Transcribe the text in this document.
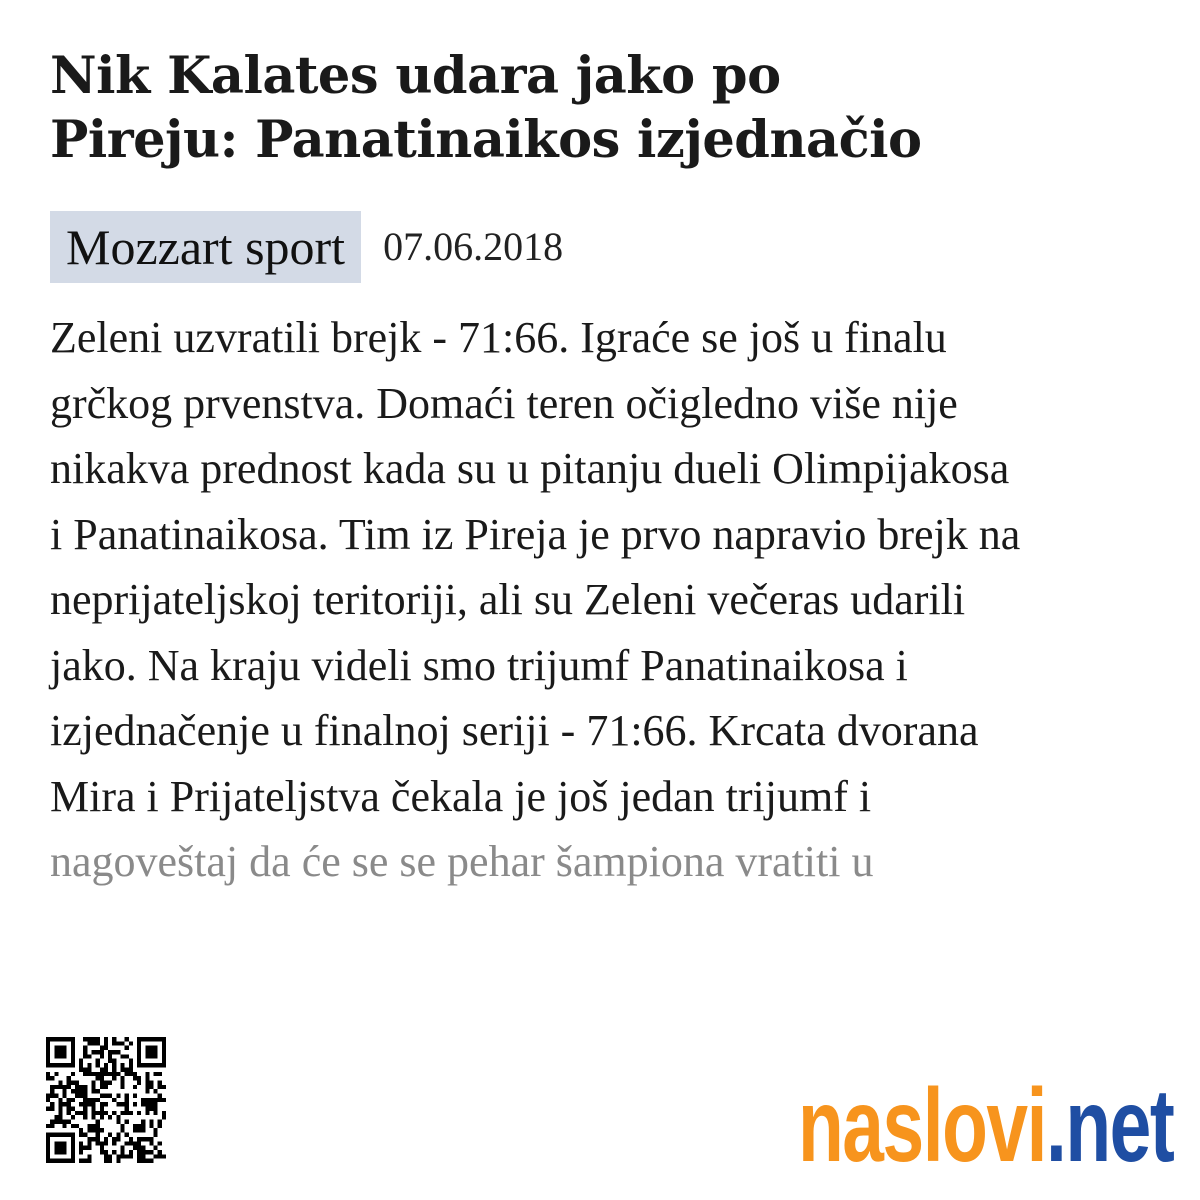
Nik Kalates udara jako po
Pireju: Panatinaikos izjednačio
Mozzart sport 07.06.2018
Zeleni uzvratili brejk - 71:66. Igraće se još u finalu
grčkog prvenstva. Domaći teren očigledno više nije
nikakva prednost kada su u pitanju dueli Olimpijakosa
i Panatinaikosa. Tim iz Pireja je prvo napravio brejk na
neprijateljskoj teritoriji, ali su Zeleni večeras udarili
jako. Na kraju videli smo trijumf Panatinaikosa i
izjednačenje u finalnoj seriji - 71:66. Krcata dvorana
Mira i Prijateljstva čekala je još jedan trijumf i
nagoveštaj da će se se pehar šampiona vratiti u
naslovi .net
